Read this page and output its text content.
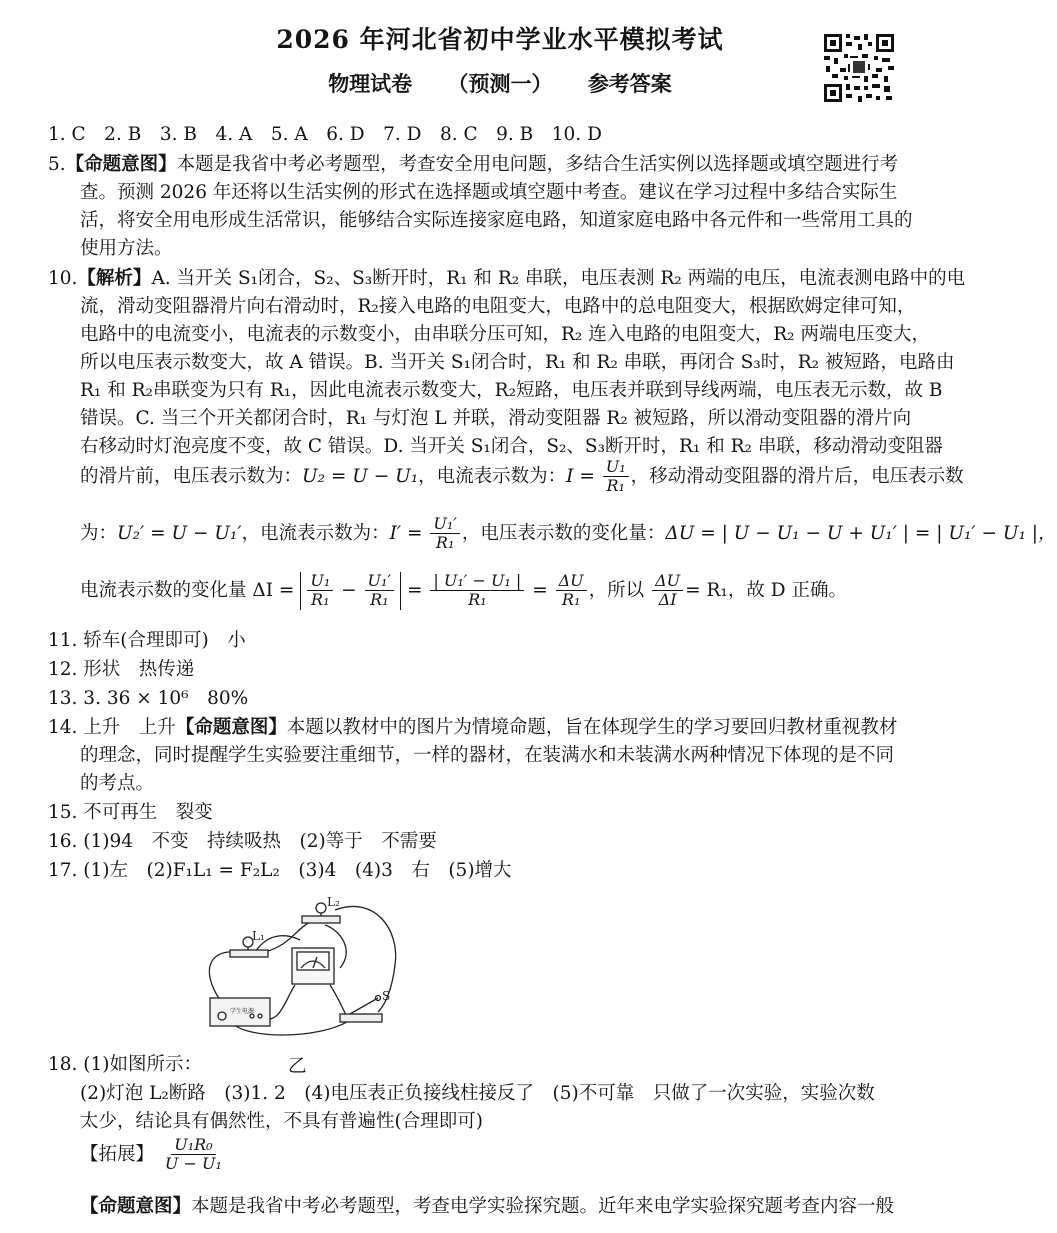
2026 年河北省初中学业水平模拟考试
物理试卷 （预测一） 参考答案
1. C　2. B　3. B　4. A　5. A　6. D　7. D　8. C　9. B　10. D
5.【命题意图】本题是我省中考必考题型，考查安全用电问题，多结合生活实例以选择题或填空题进行考
查。预测 2026 年还将以生活实例的形式在选择题或填空题中考查。建议在学习过程中多结合实际生
活，将安全用电形成生活常识，能够结合实际连接家庭电路，知道家庭电路中各元件和一些常用工具的
使用方法。
10.【解析】A. 当开关 S₁闭合，S₂、S₃断开时，R₁ 和 R₂ 串联，电压表测 R₂ 两端的电压，电流表测电路中的电
流，滑动变阻器滑片向右滑动时，R₂接入电路的电阻变大，电路中的总电阻变大，根据欧姆定律可知，
电路中的电流变小，电流表的示数变小，由串联分压可知，R₂ 连入电路的电阻变大，R₂ 两端电压变大，
所以电压表示数变大，故 A 错误。B. 当开关 S₁闭合时，R₁ 和 R₂ 串联，再闭合 S₃时，R₂ 被短路，电路由
R₁ 和 R₂串联变为只有 R₁，因此电流表示数变大，R₂短路，电压表并联到导线两端，电压表无示数，故 B
错误。C. 当三个开关都闭合时，R₁ 与灯泡 L 并联，滑动变阻器 R₂ 被短路，所以滑动变阻器的滑片向
右移动时灯泡亮度不变，故 C 错误。D. 当开关 S₁闭合，S₂、S₃断开时，R₁ 和 R₂ 串联，移动滑动变阻器
的滑片前，电压表示数为：U₂ = U − U₁，电流表示数为：$I = \frac{\text{U₁}}{\text{R₁}}$ ，移动滑动变阻器的滑片后，电压表示数
为：U₂′ = U − U₁′，电流表示数为：$I' = \frac{\text{U₁′}}{\text{R₁}}$ ，电压表示数的变化量：ΔU = | U − U₁ − U + U₁′ | = | U₁′ − U₁ |，
电流表示数的变化量 $\Delta I = \frac{\text{U₁}}{\text{R₁}} - \frac{\text{U₁′}}{\text{R₁}} = \frac{\text{| U₁′ − U₁ |}}{\text{R₁}} = \frac{\Delta U}{\text{R₁}}$ ，所以 $\frac{\Delta U}{\Delta I} = R_1$，故 D 正确。
11. 轿车(合理即可)　小
12. 形状　热传递
13. 3. 36 × 10⁶　80%
14. 上升　上升【命题意图】本题以教材中的图片为情境命题，旨在体现学生的学习要回归教材重视教材
的理念，同时提醒学生实验要注重细节，一样的器材，在装满水和未装满水两种情况下体现的是不同
的考点。
15. 不可再生　裂变
16. (1)94　不变　持续吸热　(2)等于　不需要
17. (1)左　(2)F₁L₁ = F₂L₂　(3)4　(4)3　右　(5)增大
学生电源
L₁
L₂
S
18. (1)如图所示：	乙
(2)灯泡 L₂断路　(3)1. 2　(4)电压表正负接线柱接反了　(5)不可靠　只做了一次实验，实验次数
太少，结论具有偶然性，不具有普遍性(合理即可)
【拓展】 $\frac{\text{U₁R₀}}{\text{U − U₁}}$
【命题意图】本题是我省中考必考题型，考查电学实验探究题。近年来电学实验探究题考查内容一般
